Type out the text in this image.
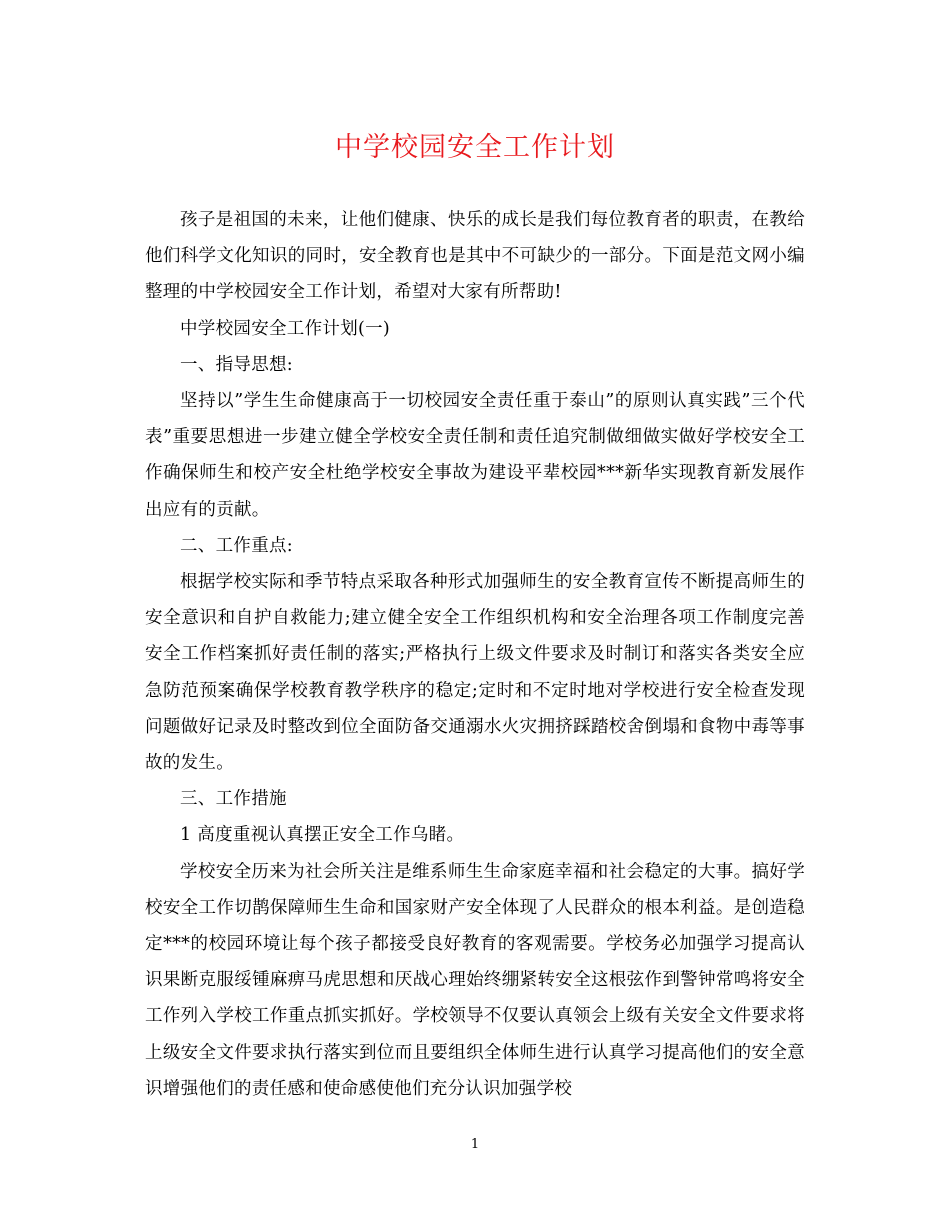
中学校园安全工作计划

孩子是祖国的未来，让他们健康、快乐的成长是我们每位教育者的职责，在教给他们科学文化知识的同时，安全教育也是其中不可缺少的一部分。下面是范文网小编整理的中学校园安全工作计划，希望对大家有所帮助!

中学校园安全工作计划(一)

一、指导思想:

坚持以”学生生命健康高于一切校园安全责任重于泰山”的原则认真实践”三个代表”重要思想进一步建立健全学校安全责任制和责任追究制做细做实做好学校安全工作确保师生和校产安全杜绝学校安全事故为建设平辈校园***新华实现教育新发展作出应有的贡献。

二、工作重点:

根据学校实际和季节特点采取各种形式加强师生的安全教育宣传不断提高师生的安全意识和自护自救能力;建立健全安全工作组织机构和安全治理各项工作制度完善安全工作档案抓好责任制的落实;严格执行上级文件要求及时制订和落实各类安全应急防范预案确保学校教育教学秩序的稳定;定时和不定时地对学校进行安全检查发现问题做好记录及时整改到位全面防备交通溺水火灾拥挤踩踏校舍倒塌和食物中毒等事故的发生。

三、工作措施

1 高度重视认真摆正安全工作乌睹。

学校安全历来为社会所关注是维系师生生命家庭幸福和社会稳定的大事。搞好学校安全工作切鹊保障师生生命和国家财产安全体现了人民群众的根本利益。是创造稳定***的校园环境让每个孩子都接受良好教育的客观需要。学校务必加强学习提高认识果断克服绥锺麻痹马虎思想和厌战心理始终绷紧转安全这根弦作到警钟常鸣将安全工作列入学校工作重点抓实抓好。学校领导不仅要认真领会上级有关安全文件要求将上级安全文件要求执行落实到位而且要组织全体师生进行认真学习提高他们的安全意识增强他们的责任感和使命感使他们充分认识加强学校

1
